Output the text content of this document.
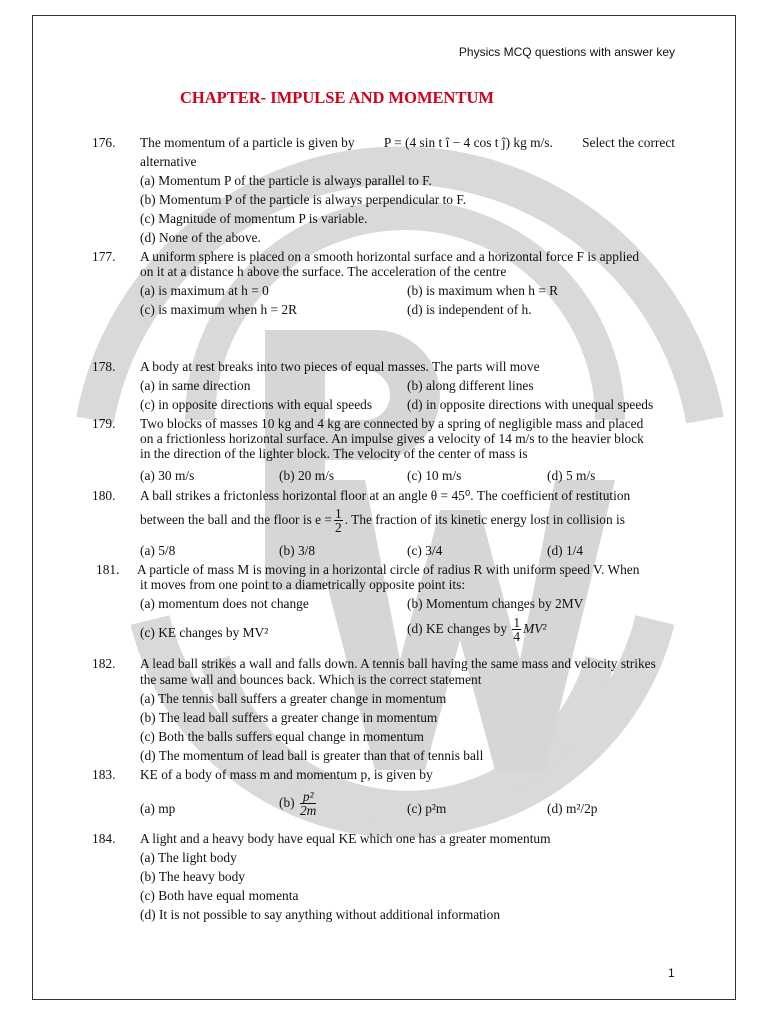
Physics MCQ questions with answer key
CHAPTER- IMPULSE AND MOMENTUM
176. The momentum of a particle is given by P = (4 sin t î − 4 cos t ĵ) kg m/s. Select the correct
alternative
(a) Momentum P of the particle is always parallel to F.
(b) Momentum P of the particle is always perpendicular to F.
(c) Magnitude of momentum P is variable.
(d) None of the above.
177. A uniform sphere is placed on a smooth horizontal surface and a horizontal force F is applied
on it at a distance h above the surface. The acceleration of the centre
(a) is maximum at h = 0	(b) is maximum when h = R
(c) is maximum when h = 2R	(d) is independent of h.
178. A body at rest breaks into two pieces of equal masses. The parts will move
(a) in same direction	(b) along different lines
(c) in opposite directions with equal speeds	(d) in opposite directions with unequal speeds
179. Two blocks of masses 10 kg and 4 kg are connected by a spring of negligible mass and placed
on a frictionless horizontal surface. An impulse gives a velocity of 14 m/s to the heavier block
in the direction of the lighter block. The velocity of the center of mass is
(a) 30 m/s	(b) 20 m/s	(c) 10 m/s	(d) 5 m/s
180. A ball strikes a frictonless horizontal floor at an angle θ = 45⁰. The coefficient of restitution
between the ball and the floor is $e = \frac{1}{2}$ . The fraction of its kinetic energy lost in collision is
(a) 5/8	(b) 3/8	(c) 3/4	(d) 1/4
181. A particle of mass M is moving in a horizontal circle of radius R with uniform speed V. When
it moves from one point to a diametrically opposite point its:
(a) momentum does not change	(b) Momentum changes by 2MV
(c) KE changes by MV²	(d) KE changes by $\frac{1}{4} MV^2$
182. A lead ball strikes a wall and falls down. A tennis ball having the same mass and velocity strikes
the same wall and bounces back. Which is the correct statement
(a) The tennis ball suffers a greater change in momentum
(b) The lead ball suffers a greater change in momentum
(c) Both the balls suffers equal change in momentum
(d) The momentum of lead ball is greater than that of tennis ball
183. KE of a body of mass m and momentum p, is given by
(a) mp	$(b) \frac{\text{p²}}{2m}$	(c) p²m	(d) m²/2p
184. A light and a heavy body have equal KE which one has a greater momentum
(a) The light body
(b) The heavy body
(c) Both have equal momenta
(d) It is not possible to say anything without additional information
1
